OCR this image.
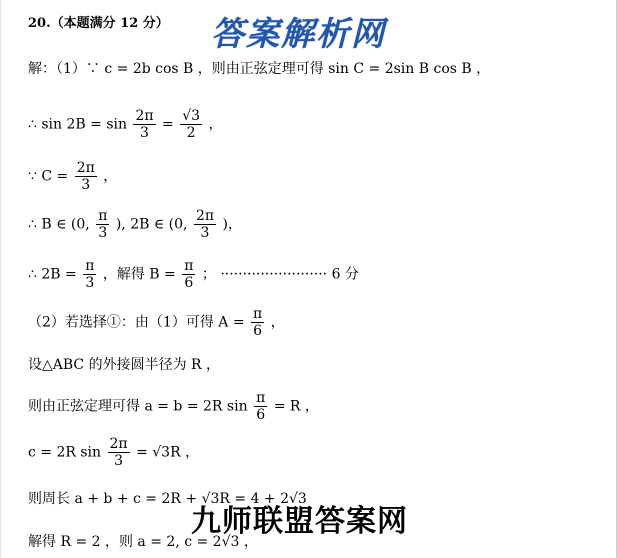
20.（本题满分 12 分） 答案解析网
解：（1）∵ c = 2b cos B ，则由正弦定理可得 sin C = 2sin B cos B ，
∴ $\sin 2B = \sin \frac{2\pi}{3} = \frac{√3}{2}$ ，
∵ $C = \frac{2\pi}{3}$ ，
∴ B ∈ (0, $\frac{\pi}{3}$ ), 2B ∈ (0, $\frac{2\pi}{3}$ )，
∴ $2B = \frac{\pi}{3}$ ，解得 $B = \frac{\pi}{6}$ ； ························ 6 分
（2）若选择①：由（1）可得 $A = \frac{\pi}{6}$ ，
设△ABC 的外接圆半径为 R ，
则由正弦定理可得 a = b = 2R $\sin \frac{\pi}{6} = R$ ，
c = 2R $\sin \frac{2\pi}{3} = √3R$ ，
则周长 a + b + c = 2R + √3R = 4 + 2√3
九师联盟答案网
解得 R = 2 ，则 a = 2, c = 2√3 ，
